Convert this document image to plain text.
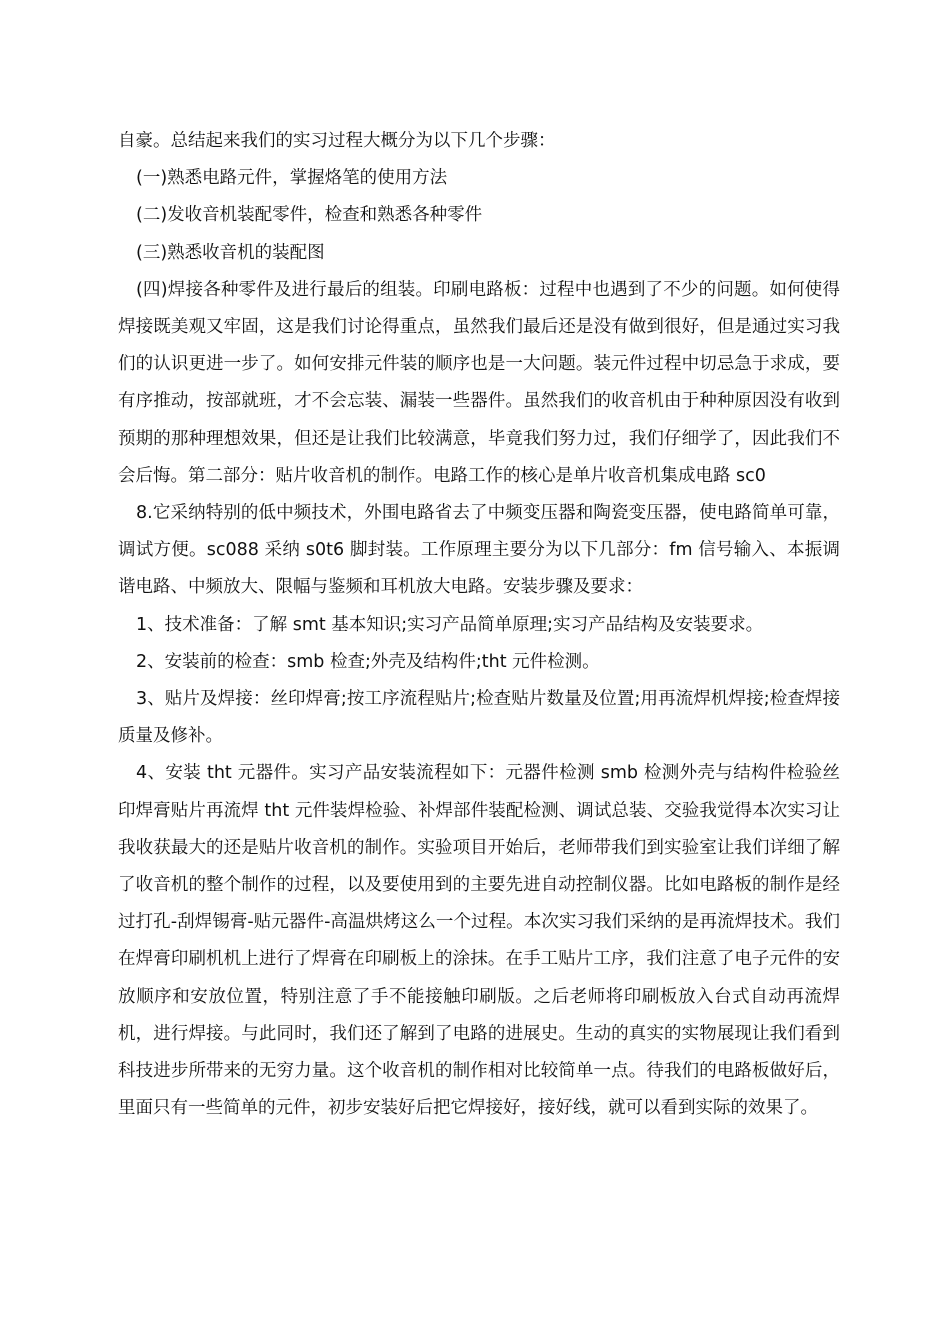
自豪。总结起来我们的实习过程大概分为以下几个步骤：

(一)熟悉电路元件，掌握烙笔的使用方法

(二)发收音机装配零件，检查和熟悉各种零件

(三)熟悉收音机的装配图

(四)焊接各种零件及进行最后的组装。印刷电路板：过程中也遇到了不少的问题。如何使得焊接既美观又牢固，这是我们讨论得重点，虽然我们最后还是没有做到很好，但是通过实习我们的认识更进一步了。如何安排元件装的顺序也是一大问题。装元件过程中切忌急于求成，要有序推动，按部就班，才不会忘装、漏装一些器件。虽然我们的收音机由于种种原因没有收到预期的那种理想效果，但还是让我们比较满意，毕竟我们努力过，我们仔细学了，因此我们不会后悔。第二部分：贴片收音机的制作。电路工作的核心是单片收音机集成电路 sc0

8.它采纳特别的低中频技术，外围电路省去了中频变压器和陶瓷变压器，使电路简单可靠，调试方便。sc088 采纳 s0t6 脚封装。工作原理主要分为以下几部分：fm 信号输入、本振调谐电路、中频放大、限幅与鉴频和耳机放大电路。安装步骤及要求：

1、技术准备：了解 smt 基本知识;实习产品简单原理;实习产品结构及安装要求。

2、安装前的检查：smb 检查;外壳及结构件;tht 元件检测。

3、贴片及焊接：丝印焊膏;按工序流程贴片;检查贴片数量及位置;用再流焊机焊接;检查焊接质量及修补。

4、安装 tht 元器件。实习产品安装流程如下：元器件检测 smb 检测外壳与结构件检验丝印焊膏贴片再流焊 tht 元件装焊检验、补焊部件装配检测、调试总装、交验我觉得本次实习让我收获最大的还是贴片收音机的制作。实验项目开始后，老师带我们到实验室让我们详细了解了收音机的整个制作的过程，以及要使用到的主要先进自动控制仪器。比如电路板的制作是经过打孔-刮焊锡膏-贴元器件-高温烘烤这么一个过程。本次实习我们采纳的是再流焊技术。我们在焊膏印刷机机上进行了焊膏在印刷板上的涂抹。在手工贴片工序，我们注意了电子元件的安放顺序和安放位置，特别注意了手不能接触印刷版。之后老师将印刷板放入台式自动再流焊机，进行焊接。与此同时，我们还了解到了电路的进展史。生动的真实的实物展现让我们看到科技进步所带来的无穷力量。这个收音机的制作相对比较简单一点。待我们的电路板做好后，里面只有一些简单的元件，初步安装好后把它焊接好，接好线，就可以看到实际的效果了。
